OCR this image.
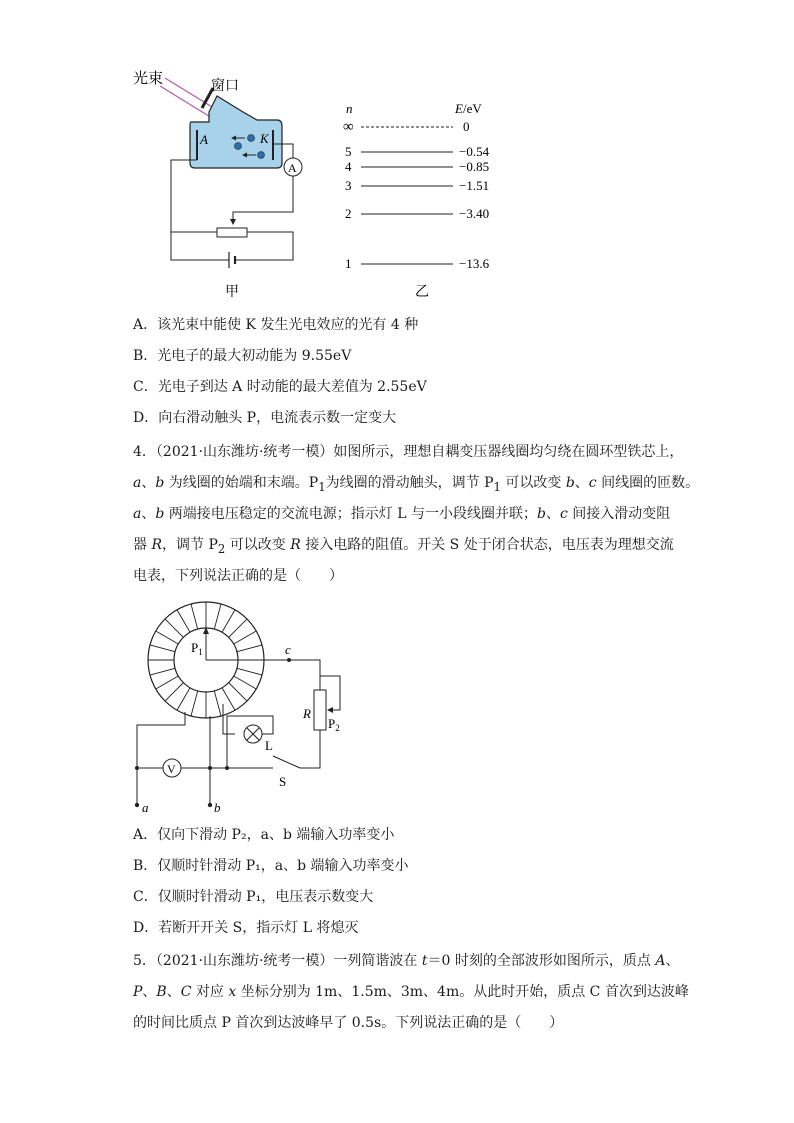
光束	窗口
A	K
A
甲
n	E/eV
∞	0
5	−0.54
4	−0.85
3	−1.51
2	−3.40
1	−13.6
乙
A．该光束中能使 K 发生光电效应的光有 4 种
B．光电子的最大初动能为 9.55eV
C．光电子到达 A 时动能的最大差值为 2.55eV
D．向右滑动触头 P，电流表示数一定变大
4．（2021·山东潍坊·统考一模）如图所示，理想自耦变压器线圈均匀绕在圆环型铁芯上，
a、b 为线圈的始端和末端。$P_1$为线圈的滑动触头，调节 $P_1$ 可以改变 b、c 间线圈的匝数。
a、b 两端接电压稳定的交流电源；指示灯 L 与一小段线圈并联；b、c 间接入滑动变阻
器 R，调节 $P_2$ 可以改变 R 接入电路的阻值。开关 S 处于闭合状态，电压表为理想交流
电表，下列说法正确的是（　　）
$P_1$	c
R
$P_2$
S
L
b
a
V
A．仅向下滑动 P₂，a、b 端输入功率变小
B．仅顺时针滑动 P₁，a、b 端输入功率变小
C．仅顺时针滑动 P₁，电压表示数变大
D．若断开开关 S，指示灯 L 将熄灭
5．（2021·山东潍坊·统考一模）一列简谐波在 t＝0 时刻的全部波形如图所示，质点 A、
P、B、C 对应 x 坐标分别为 1m、1.5m、3m、4m。从此时开始，质点 C 首次到达波峰
的时间比质点 P 首次到达波峰早了 0.5s。下列说法正确的是（　　）
